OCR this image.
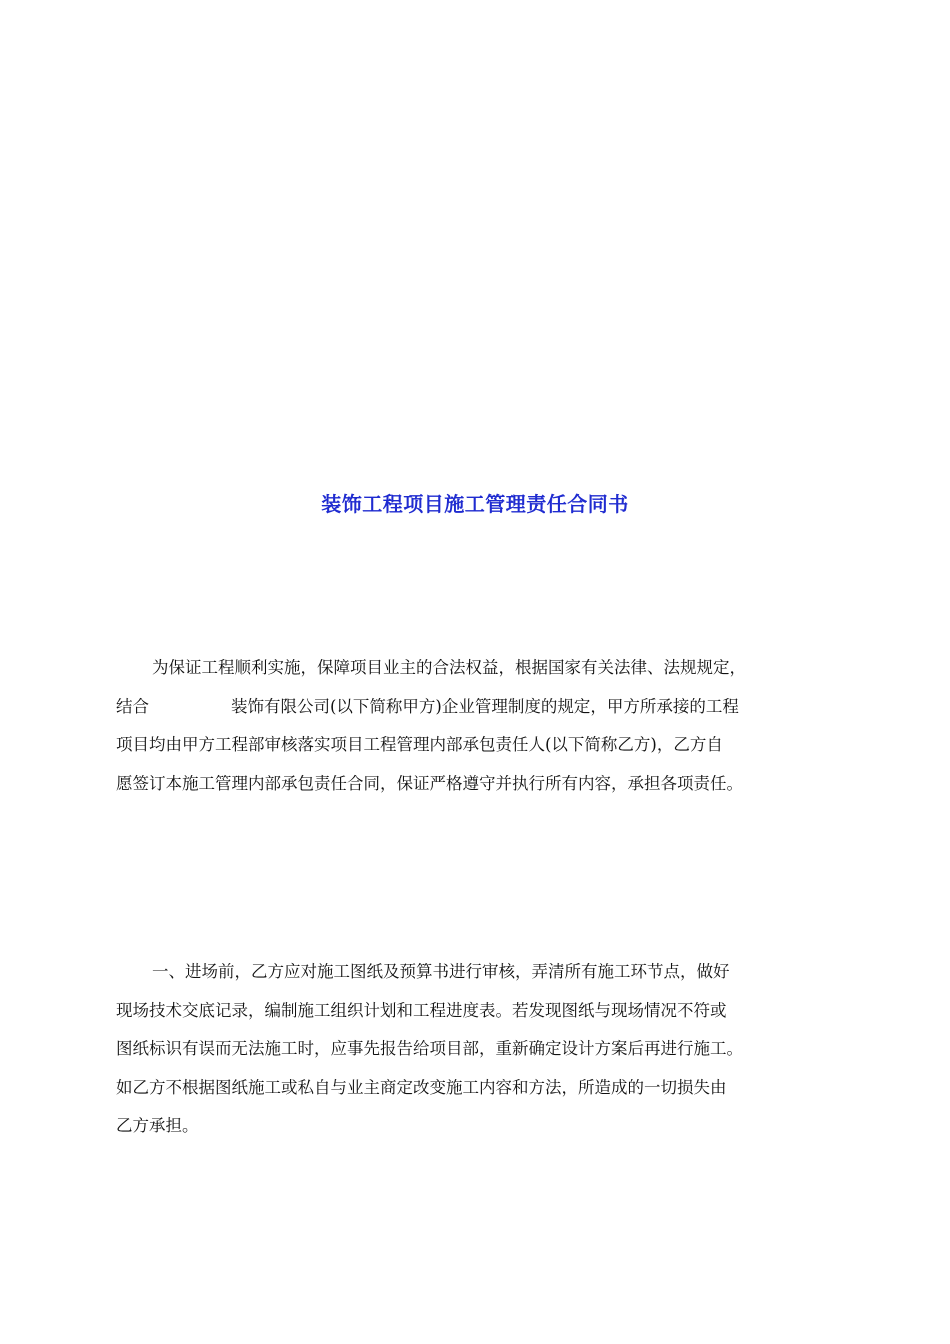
装饰工程项目施工管理责任合同书

为保证工程顺利实施，保障项目业主的合法权益，根据国家有关法律、法规规定，
结合	装饰有限公司(以下简称甲方)企业管理制度的规定，甲方所承接的工程
项目均由甲方工程部审核落实项目工程管理内部承包责任人(以下简称乙方)，乙方自
愿签订本施工管理内部承包责任合同，保证严格遵守并执行所有内容，承担各项责任。

一、进场前，乙方应对施工图纸及预算书进行审核，弄清所有施工环节点，做好
现场技术交底记录，编制施工组织计划和工程进度表。若发现图纸与现场情况不符或
图纸标识有误而无法施工时，应事先报告给项目部，重新确定设计方案后再进行施工。
如乙方不根据图纸施工或私自与业主商定改变施工内容和方法，所造成的一切损失由
乙方承担。
